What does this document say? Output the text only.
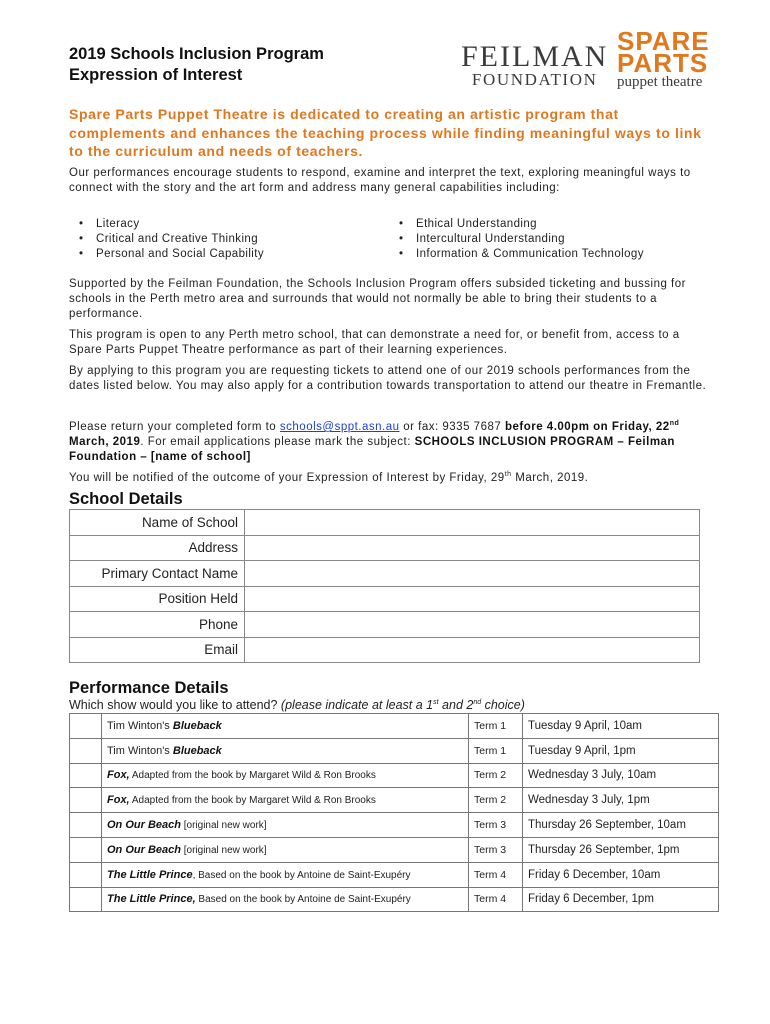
2019 Schools Inclusion Program
Expression of Interest
FEILMAN
FOUNDATION
SPARE
PARTS
puppet theatre
Spare Parts Puppet Theatre is dedicated to creating an artistic program that complements and enhances the teaching process while finding meaningful ways to link to the curriculum and needs of teachers.
Our performances encourage students to respond, examine and interpret the text, exploring meaningful ways to connect with the story and the art form and address many general capabilities including:
• Literacy
• Critical and Creative Thinking
• Personal and Social Capability
• Ethical Understanding
• Intercultural Understanding
• Information & Communication Technology
Supported by the Feilman Foundation, the Schools Inclusion Program offers subsided ticketing and bussing for schools in the Perth metro area and surrounds that would not normally be able to bring their students to a performance.
This program is open to any Perth metro school, that can demonstrate a need for, or benefit from, access to a Spare Parts Puppet Theatre performance as part of their learning experiences.
By applying to this program you are requesting tickets to attend one of our 2019 schools performances from the dates listed below. You may also apply for a contribution towards transportation to attend our theatre in Fremantle.
Please return your completed form to schools@sppt.asn.au or fax: 9335 7687 before 4.00pm on Friday, 22nd March, 2019. For email applications please mark the subject: SCHOOLS INCLUSION PROGRAM – Feilman Foundation – [name of school]
You will be notified of the outcome of your Expression of Interest by Friday, 29th March, 2019.
School Details
Name of School	
Address	
Primary Contact Name	
Position Held	
Phone	
Email	
Performance Details
Which show would you like to attend? (please indicate at least a 1st and 2nd choice)
	Tim Winton's Blueback	Term 1	Tuesday 9 April, 10am
	Tim Winton's Blueback	Term 1	Tuesday 9 April, 1pm
	Fox, Adapted from the book by Margaret Wild & Ron Brooks	Term 2	Wednesday 3 July, 10am
	Fox, Adapted from the book by Margaret Wild & Ron Brooks	Term 2	Wednesday 3 July, 1pm
	On Our Beach [original new work]	Term 3	Thursday 26 September, 10am
	On Our Beach [original new work]	Term 3	Thursday 26 September, 1pm
	The Little Prince, Based on the book by Antoine de Saint-Exupéry	Term 4	Friday 6 December, 10am
	The Little Prince, Based on the book by Antoine de Saint-Exupéry	Term 4	Friday 6 December, 1pm
